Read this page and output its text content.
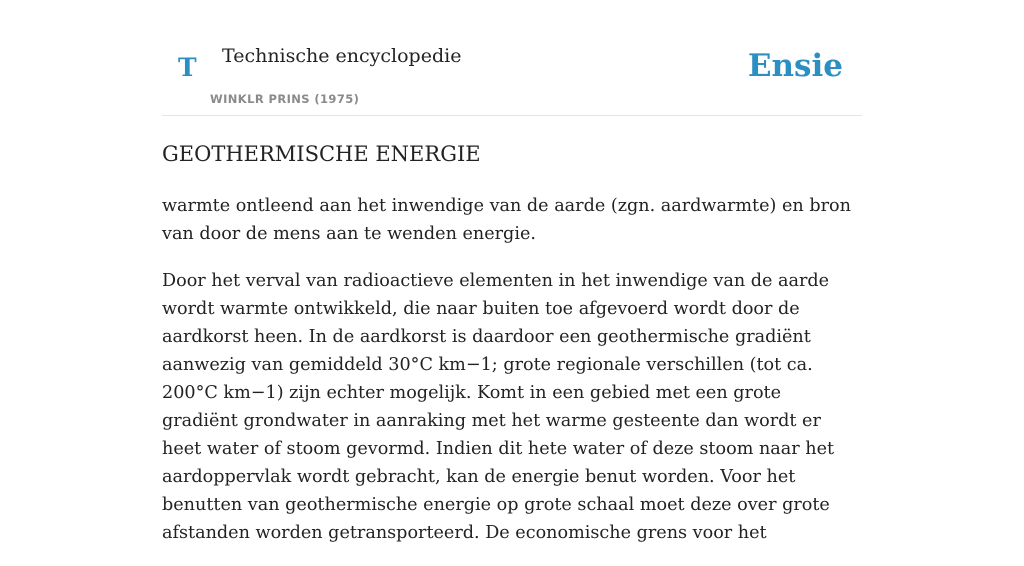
T Technische encyclopedie
WINKLR PRINS (1975)
Ensie
GEOTHERMISCHE ENERGIE

warmte ontleend aan het inwendige van de aarde (zgn. aardwarmte) en bron van door de mens aan te wenden energie.

Door het verval van radioactieve elementen in het inwendige van de aarde wordt warmte ontwikkeld, die naar buiten toe afgevoerd wordt door de aardkorst heen. In de aardkorst is daardoor een geothermische gradiënt aanwezig van gemiddeld 30°C km−1; grote regionale verschillen (tot ca. 200°C km−1) zijn echter mogelijk. Komt in een gebied met een grote gradiënt grondwater in aanraking met het warme gesteente dan wordt er heet water of stoom gevormd. Indien dit hete water of deze stoom naar het aardoppervlak wordt gebracht, kan de energie benut worden. Voor het benutten van geothermische energie op grote schaal moet deze over grote afstanden worden getransporteerd. De economische grens voor het
